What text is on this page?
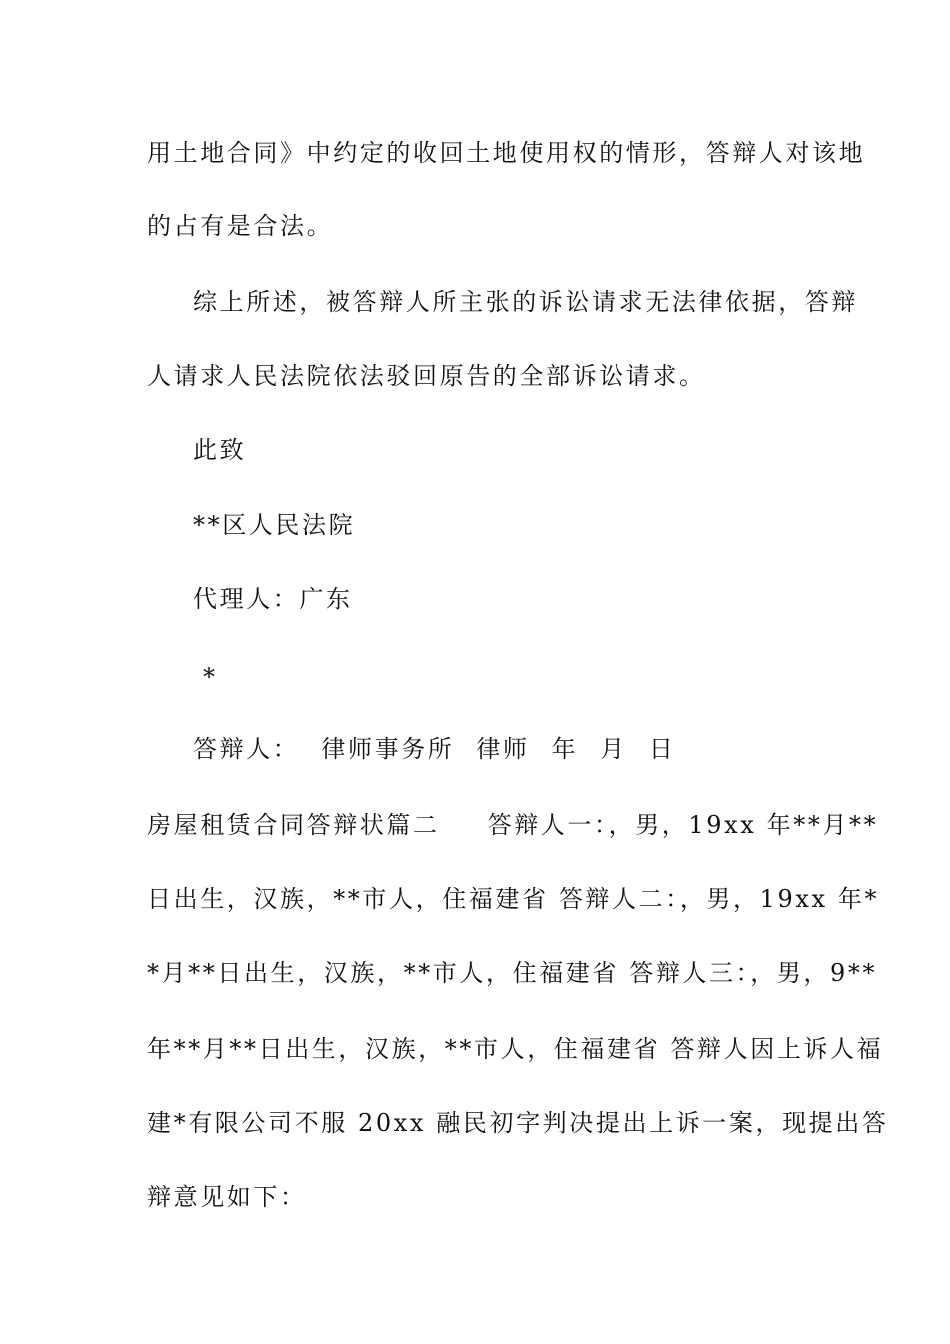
用土地合同》中约定的收回土地使用权的情形，答辩人对该地
的占有是合法。
综上所述，被答辩人所主张的诉讼请求无法律依据，答辩
人请求人民法院依法驳回原告的全部诉讼请求。
此致
**区人民法院
代理人：广东
*
答辩人： 律师事务所 律师 年 月 日
房屋租赁合同答辩状篇二 答辩人一：，男，19xx 年**月**
日出生，汉族，**市人，住福建省 答辩人二：，男，19xx 年*
*月**日出生，汉族，**市人，住福建省 答辩人三：，男，9**
年**月**日出生，汉族，**市人，住福建省 答辩人因上诉人福
建*有限公司不服 20xx 融民初字判决提出上诉一案，现提出答
辩意见如下：
